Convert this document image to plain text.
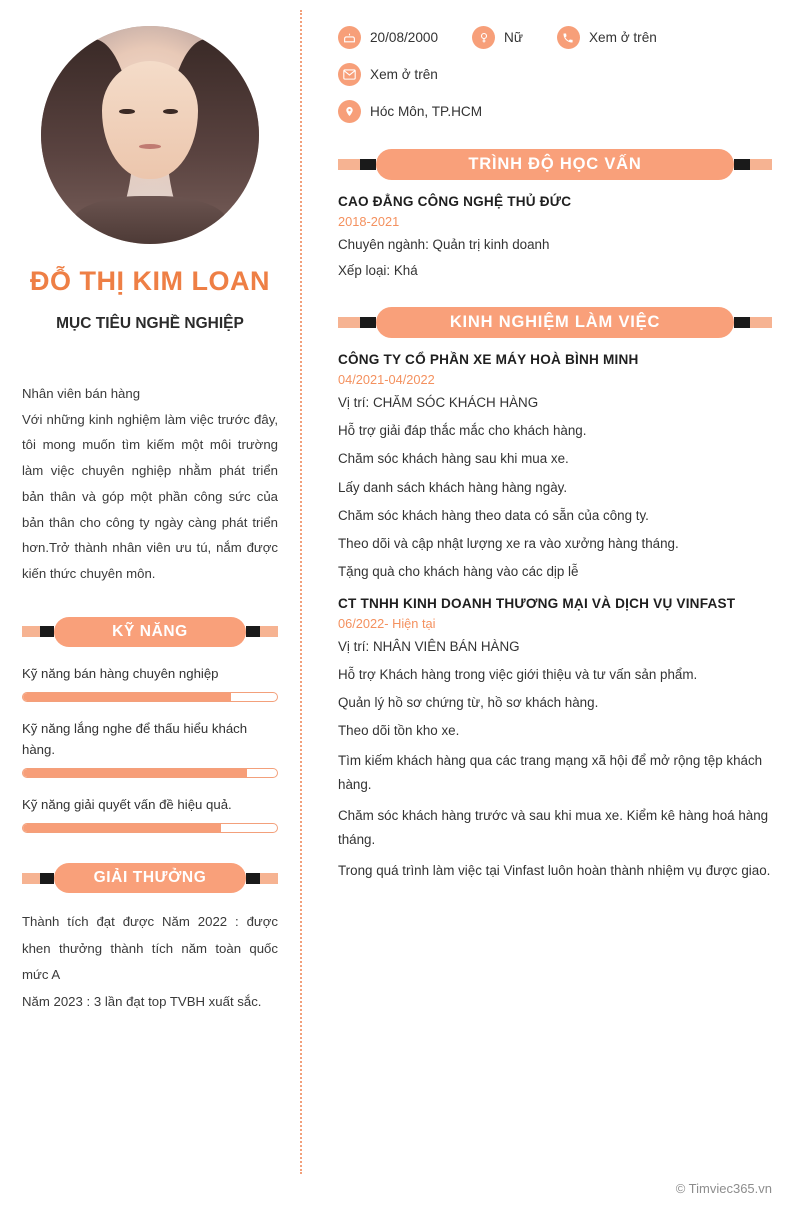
ĐỖ THỊ KIM LOAN
MỤC TIÊU NGHỀ NGHIỆP
Nhân viên bán hàng
Với những kinh nghiệm làm việc trước đây, tôi mong muốn tìm kiếm một môi trường làm việc chuyên nghiệp nhằm phát triển bản thân và góp một phần công sức của bản thân cho công ty ngày càng phát triển hơn.Trở thành nhân viên ưu tú, nắm được kiến thức chuyên môn.
KỸ NĂNG
Kỹ năng bán hàng chuyên nghiệp
Kỹ năng lắng nghe để thấu hiểu khách hàng.
Kỹ năng giải quyết vấn đề hiệu quả.
GIẢI THƯỞNG
Thành tích đạt được Năm 2022 : được khen thưởng thành tích năm toàn quốc mức A
Năm 2023 : 3 lần đạt top TVBH xuất sắc.
20/08/2000	Nữ	Xem ở trên
Xem ở trên
Hóc Môn, TP.HCM
TRÌNH ĐỘ HỌC VẤN
CAO ĐẲNG CÔNG NGHỆ THỦ ĐỨC
2018-2021
Chuyên ngành: Quản trị kinh doanh
Xếp loại: Khá
KINH NGHIỆM LÀM VIỆC
CÔNG TY CỔ PHẦN XE MÁY HOÀ BÌNH MINH
04/2021-04/2022
Vị trí: CHĂM SÓC KHÁCH HÀNG
Hỗ trợ giải đáp thắc mắc cho khách hàng.
Chăm sóc khách hàng sau khi mua xe.
Lấy danh sách khách hàng hàng ngày.
Chăm sóc khách hàng theo data có sẵn của công ty.
Theo dõi và cập nhật lượng xe ra vào xưởng hàng tháng.
Tặng quà cho khách hàng vào các dịp lễ
CT TNHH KINH DOANH THƯƠNG MẠI VÀ DỊCH VỤ VINFAST
06/2022- Hiện tại
Vị trí: NHÂN VIÊN BÁN HÀNG
Hỗ trợ Khách hàng trong việc giới thiệu và tư vấn sản phẩm.
Quản lý hồ sơ chứng từ, hồ sơ khách hàng.
Theo dõi tồn kho xe.
Tìm kiếm khách hàng qua các trang mạng xã hội để mở rộng tệp khách hàng.
Chăm sóc khách hàng trước và sau khi mua xe. Kiểm kê hàng hoá hàng tháng.
Trong quá trình làm việc tại Vinfast luôn hoàn thành nhiệm vụ được giao.
© Timviec365.vn
